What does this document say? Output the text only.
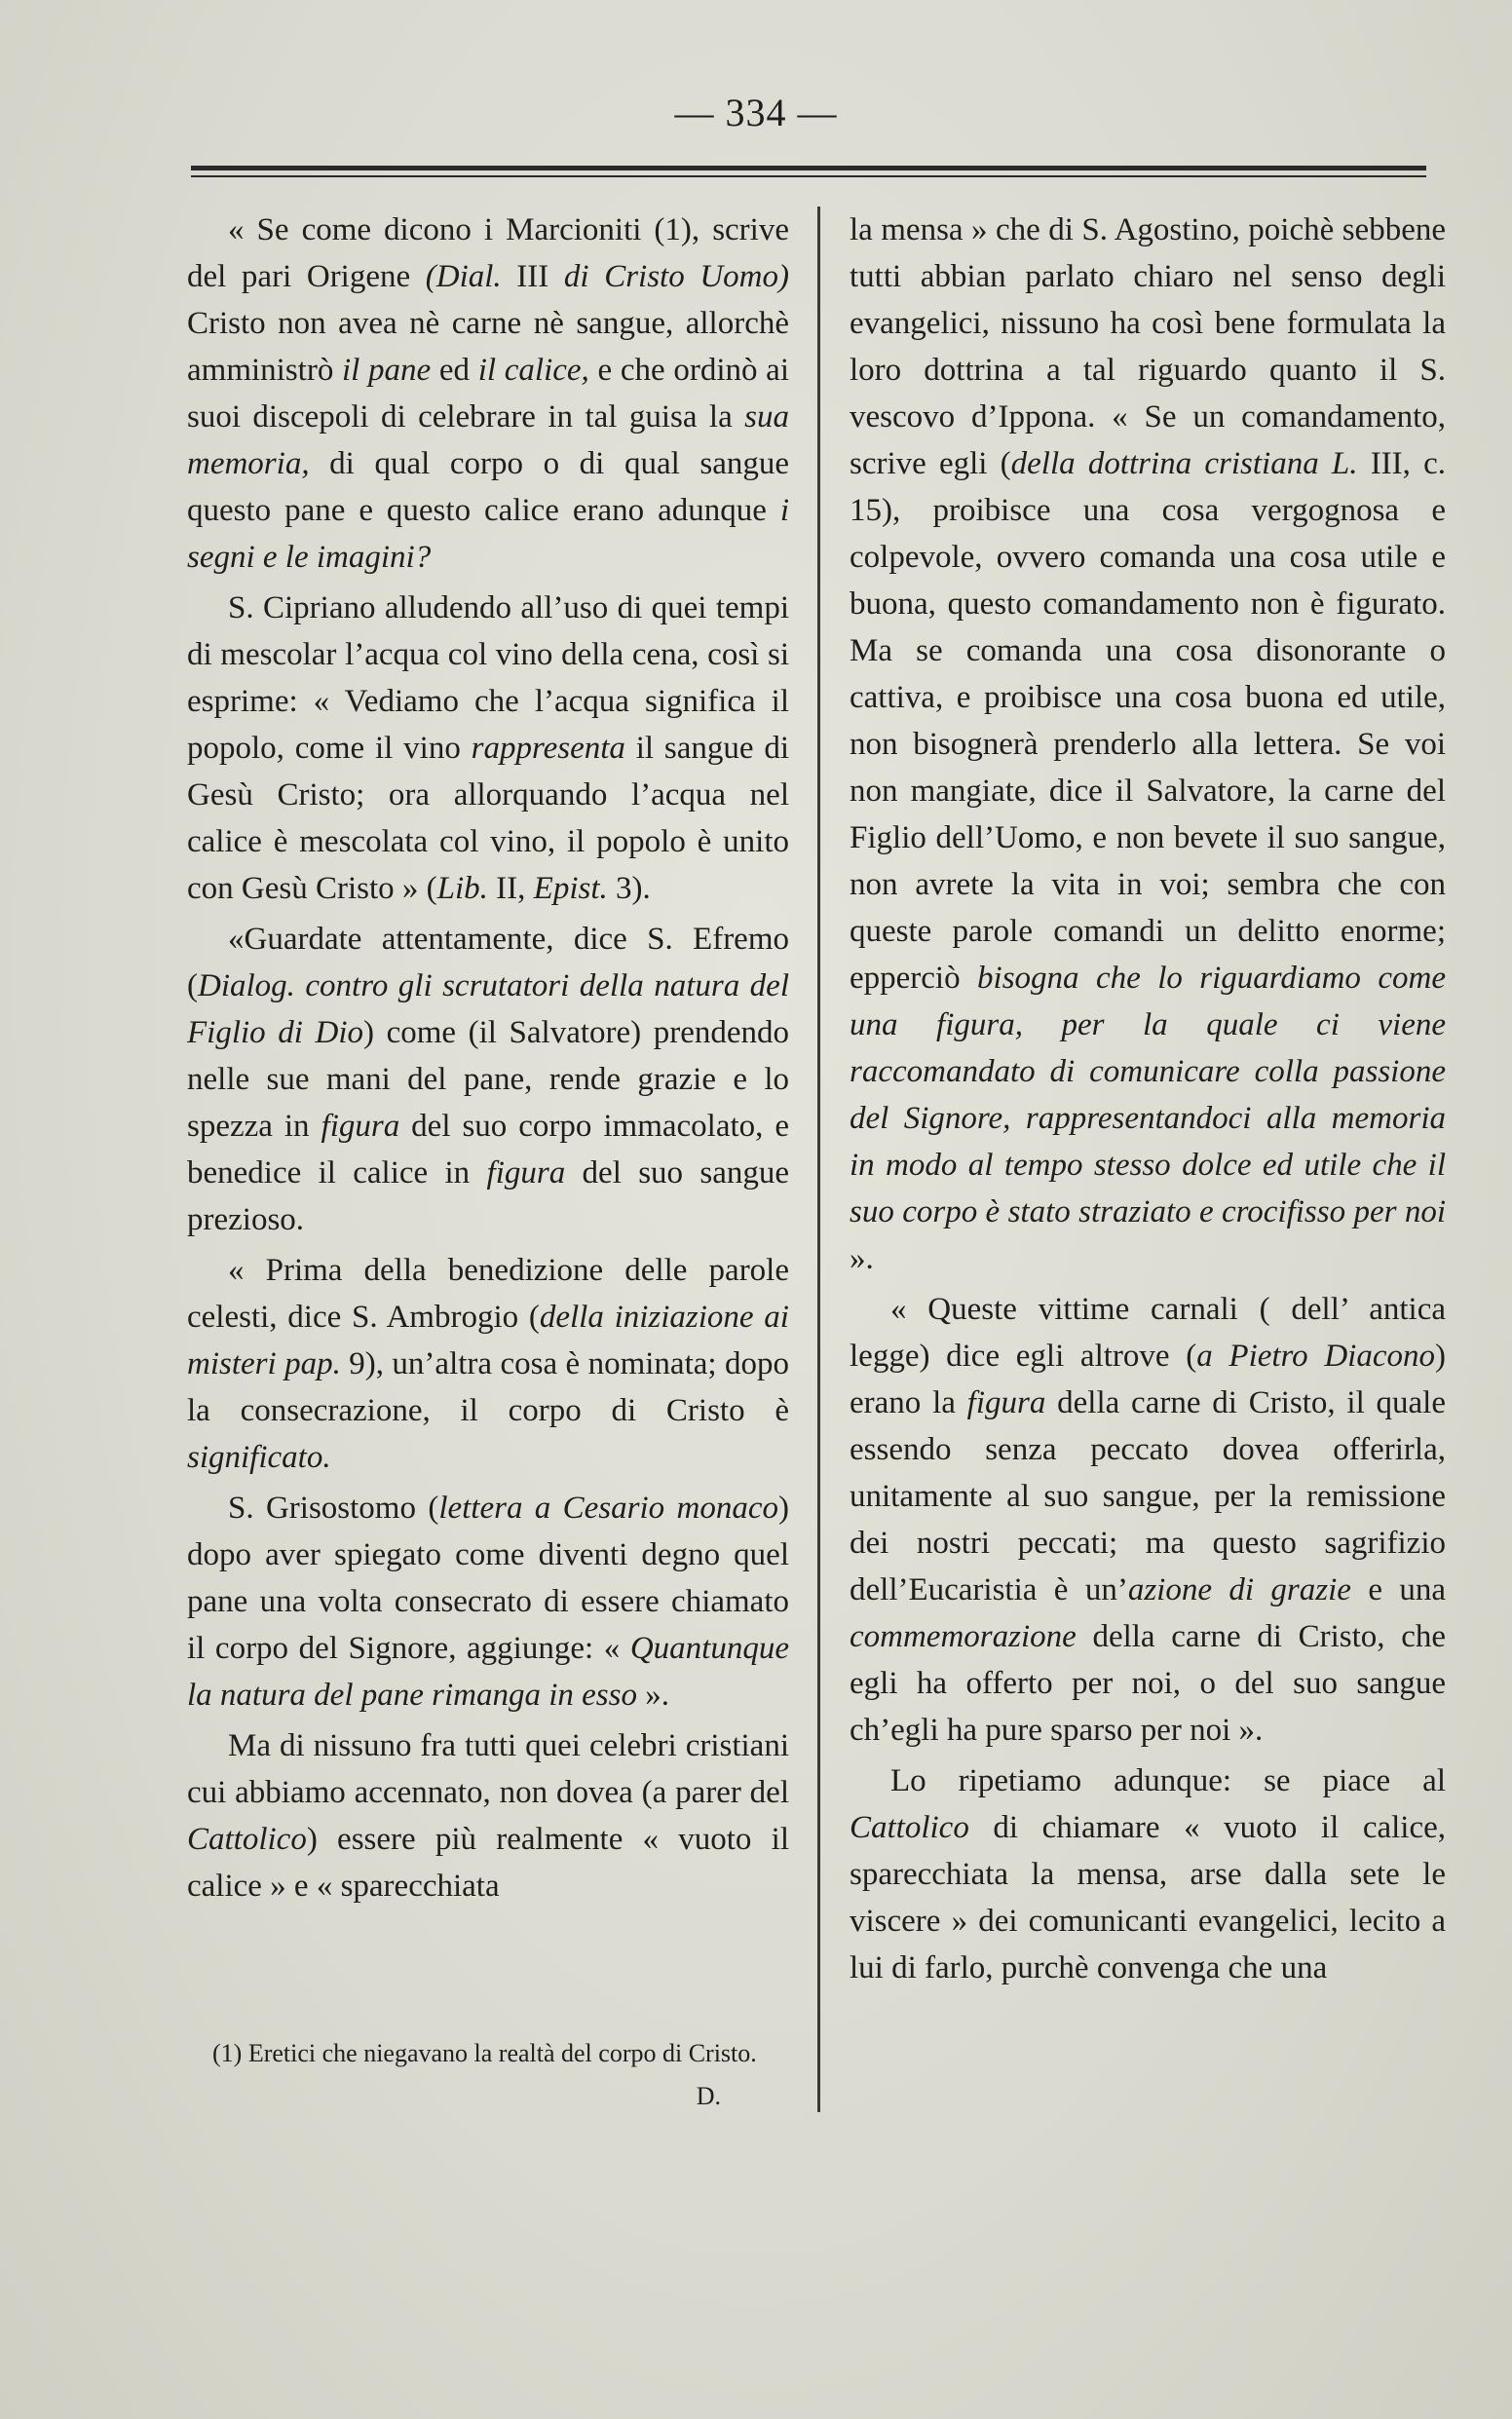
— 334 —

« Se come dicono i Marcioniti (1), scrive del pari Origene (Dial. III di Cristo Uomo) Cristo non avea nè carne nè sangue, allorchè amministrò il pane ed il calice, e che ordinò ai suoi discepoli di celebrare in tal guisa la sua memoria, di qual corpo o di qual sangue questo pane e questo calice erano adunque i segni e le imagini?

S. Cipriano alludendo all’uso di quei tempi di mescolar l’acqua col vino della cena, così si esprime: « Vediamo che l’acqua significa il popolo, come il vino rappresenta il sangue di Gesù Cristo; ora allorquando l’acqua nel calice è mescolata col vino, il popolo è unito con Gesù Cristo » (Lib. II, Epist. 3).

«Guardate attentamente, dice S. Efremo (Dialog. contro gli scrutatori della natura del Figlio di Dio) come (il Salvatore) prendendo nelle sue mani del pane, rende grazie e lo spezza in figura del suo corpo immacolato, e benedice il calice in figura del suo sangue prezioso.

« Prima della benedizione delle parole celesti, dice S. Ambrogio (della iniziazione ai misteri pap. 9), un’altra cosa è nominata; dopo la consecrazione, il corpo di Cristo è significato.

S. Grisostomo (lettera a Cesario monaco) dopo aver spiegato come diventi degno quel pane una volta consecrato di essere chiamato il corpo del Signore, aggiunge: « Quantunque la natura del pane rimanga in esso ».

Ma di nissuno fra tutti quei celebri cristiani cui abbiamo accennato, non dovea (a parer del Cattolico) essere più realmente « vuoto il calice » e « sparecchiata

la mensa » che di S. Agostino, poichè sebbene tutti abbian parlato chiaro nel senso degli evangelici, nissuno ha così bene formulata la loro dottrina a tal riguardo quanto il S. vescovo d’Ippona. « Se un comandamento, scrive egli (della dottrina cristiana L. III, c. 15), proibisce una cosa vergognosa e colpevole, ovvero comanda una cosa utile e buona, questo comandamento non è figurato. Ma se comanda una cosa disonorante o cattiva, e proibisce una cosa buona ed utile, non bisognerà prenderlo alla lettera. Se voi non mangiate, dice il Salvatore, la carne del Figlio dell’Uomo, e non bevete il suo sangue, non avrete la vita in voi; sembra che con queste parole comandi un delitto enorme; epperciò bisogna che lo riguardiamo come una figura, per la quale ci viene raccomandato di comunicare colla passione del Signore, rappresentandoci alla memoria in modo al tempo stesso dolce ed utile che il suo corpo è stato straziato e crocifisso per noi ».

« Queste vittime carnali ( dell’ antica legge) dice egli altrove (a Pietro Diacono) erano la figura della carne di Cristo, il quale essendo senza peccato dovea offerirla, unitamente al suo sangue, per la remissione dei nostri peccati; ma questo sagrifizio dell’Eucaristia è un’azione di grazie e una commemorazione della carne di Cristo, che egli ha offerto per noi, o del suo sangue ch’egli ha pure sparso per noi ».

Lo ripetiamo adunque: se piace al Cattolico di chiamare « vuoto il calice, sparecchiata la mensa, arse dalla sete le viscere » dei comunicanti evangelici, lecito a lui di farlo, purchè convenga che una

(1) Eretici che niegavano la realtà del corpo di Cristo.
D.
